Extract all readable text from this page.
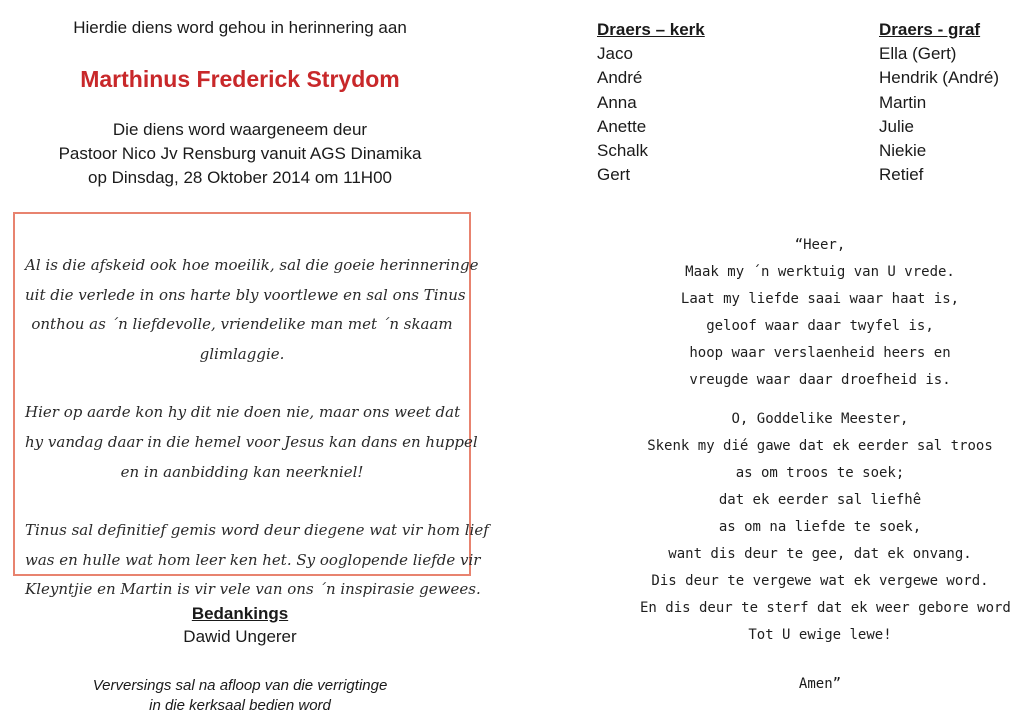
Hierdie diens word gehou in herinnering aan
Marthinus Frederick Strydom
Die diens word waargeneem deur
Pastoor Nico Jv Rensburg vanuit AGS Dinamika
op Dinsdag, 28 Oktober 2014 om 11H00

Al is die afskeid ook hoe moeilik, sal die goeie herinneringe
uit die verlede in ons harte bly voortlewe en sal ons Tinus
onthou as ´n liefdevolle, vriendelike man met ´n skaam
glimlaggie.

Hier op aarde kon hy dit nie doen nie, maar ons weet dat
hy vandag daar in die hemel voor Jesus kan dans en huppel
en in aanbidding kan neerkniel!

Tinus sal definitief gemis word deur diegene wat vir hom lief
was en hulle wat hom leer ken het. Sy ooglopende liefde vir
Kleyntjie en Martin is vir vele van ons ´n inspirasie gewees.

Bedankings
Dawid Ungerer
Verversings sal na afloop van die verrigtinge
in die kerksaal bedien word
Draers – kerk
Jaco
André
Anna
Anette
Schalk
Gert
Draers - graf
Ella (Gert)
Hendrik (André)
Martin
Julie
Niekie
Retief
“Heer,
Maak my ´n werktuig van U vrede.
Laat my liefde saai waar haat is,
geloof waar daar twyfel is,
hoop waar verslaenheid heers en
vreugde waar daar droefheid is.
O, Goddelike Meester,
Skenk my dié gawe dat ek eerder sal troos
as om troos te soek;
dat ek eerder sal liefhê
as om na liefde te soek,
want dis deur te gee, dat ek onvang.
Dis deur te vergewe wat ek vergewe word.
En dis deur te sterf dat ek weer gebore word
Tot U ewige lewe!
Amen”
